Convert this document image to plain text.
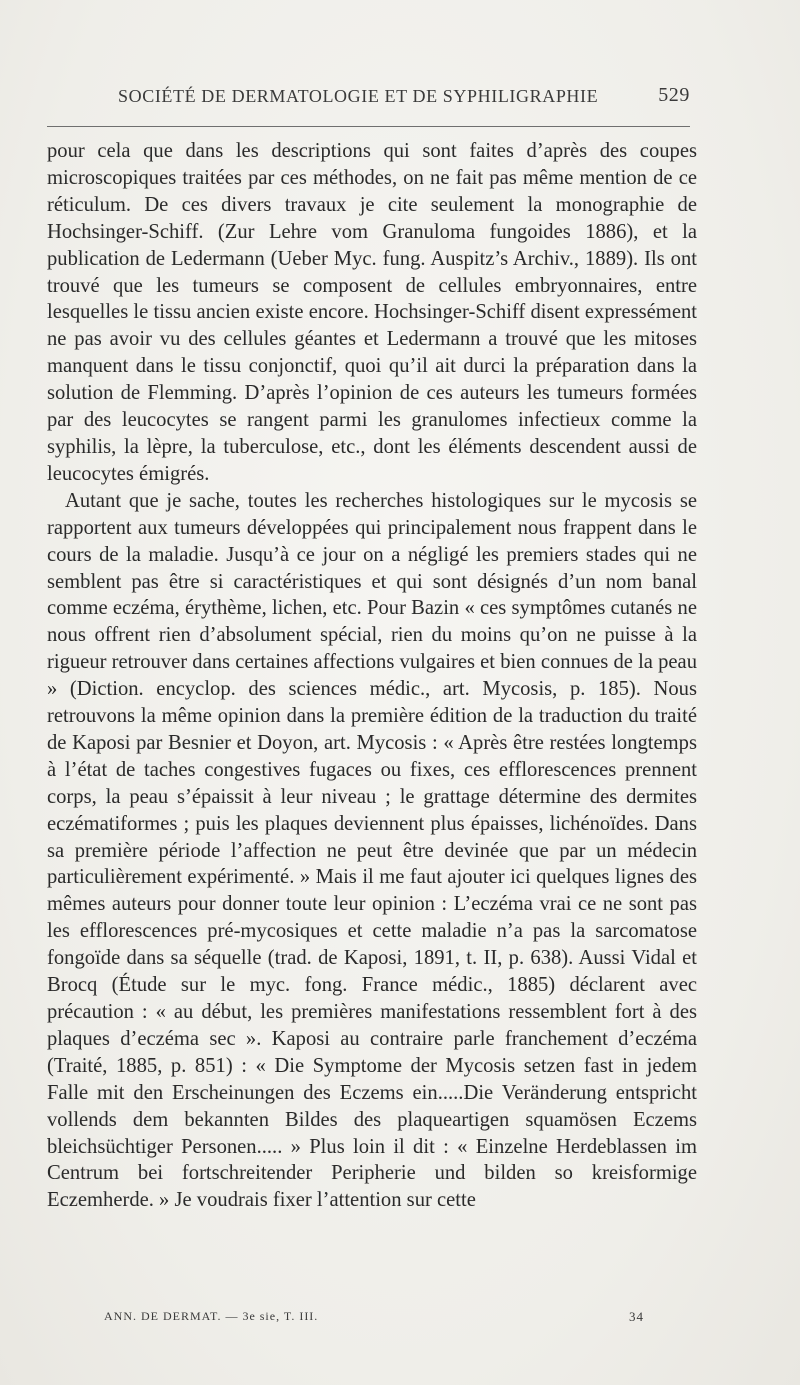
SOCIÉTÉ DE DERMATOLOGIE ET DE SYPHILIGRAPHIE	529

pour cela que dans les descriptions qui sont faites d’après des coupes microscopiques traitées par ces méthodes, on ne fait pas même mention de ce réticulum. De ces divers travaux je cite seulement la monographie de Hochsinger-Schiff. (Zur Lehre vom Granuloma fungoides 1886), et la publication de Ledermann (Ueber Myc. fung. Auspitz’s Archiv., 1889). Ils ont trouvé que les tumeurs se composent de cellules embryonnaires, entre lesquelles le tissu ancien existe encore. Hochsinger-Schiff disent expressément ne pas avoir vu des cellules géantes et Ledermann a trouvé que les mitoses manquent dans le tissu conjonctif, quoi qu’il ait durci la préparation dans la solution de Flemming. D’après l’opinion de ces auteurs les tumeurs formées par des leucocytes se rangent parmi les granulomes infectieux comme la syphilis, la lèpre, la tuberculose, etc., dont les éléments descendent aussi de leucocytes émigrés.

Autant que je sache, toutes les recherches histologiques sur le mycosis se rapportent aux tumeurs développées qui principalement nous frappent dans le cours de la maladie. Jusqu’à ce jour on a négligé les premiers stades qui ne semblent pas être si caractéristiques et qui sont désignés d’un nom banal comme eczéma, érythème, lichen, etc. Pour Bazin « ces symptômes cutanés ne nous offrent rien d’absolument spécial, rien du moins qu’on ne puisse à la rigueur retrouver dans certaines affections vulgaires et bien connues de la peau » (Diction. encyclop. des sciences médic., art. Mycosis, p. 185). Nous retrouvons la même opinion dans la première édition de la traduction du traité de Kaposi par Besnier et Doyon, art. Mycosis : « Après être restées longtemps à l’état de taches congestives fugaces ou fixes, ces efflorescences prennent corps, la peau s’épaissit à leur niveau ; le grattage détermine des dermites eczématiformes ; puis les plaques deviennent plus épaisses, lichénoïdes. Dans sa première période l’affection ne peut être devinée que par un médecin particulièrement expérimenté. » Mais il me faut ajouter ici quelques lignes des mêmes auteurs pour donner toute leur opinion : L’eczéma vrai ce ne sont pas les efflorescences pré-mycosiques et cette maladie n’a pas la sarcomatose fongoïde dans sa séquelle (trad. de Kaposi, 1891, t. II, p. 638). Aussi Vidal et Brocq (Étude sur le myc. fong. France médic., 1885) déclarent avec précaution : « au début, les premières manifestations ressemblent fort à des plaques d’eczéma sec ». Kaposi au contraire parle franchement d’eczéma (Traité, 1885, p. 851) : « Die Symptome der Mycosis setzen fast in jedem Falle mit den Erscheinungen des Eczems ein.....Die Veränderung entspricht vollends dem bekannten Bildes des plaqueartigen squamösen Eczems bleichsüchtiger Personen..... » Plus loin il dit : « Einzelne Herdeblassen im Centrum bei fortschreitender Peripherie und bilden so kreisformige Eczemherde. » Je voudrais fixer l’attention sur cette

ANN. DE DERMAT. — 3e sie, T. III.	34
